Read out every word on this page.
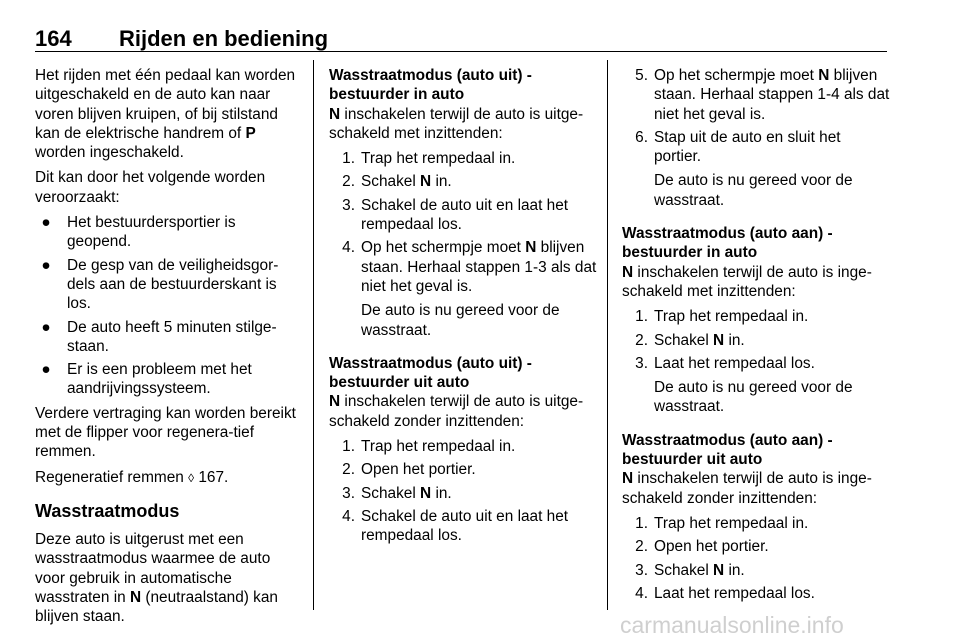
164 Rijden en bediening

Het rijden met één pedaal kan worden uitgeschakeld en de auto kan naar voren blijven kruipen, of bij stilstand kan de elektrische handrem of P worden ingeschakeld.

Dit kan door het volgende worden veroorzaakt:

● Het bestuurdersportier is geopend.
● De gesp van de veiligheidsgor-dels aan de bestuurderskant is los.
● De auto heeft 5 minuten stilge-staan.
● Er is een probleem met het aandrijvingssysteem.

Verdere vertraging kan worden bereikt met de flipper voor regenera-tief remmen.

Regeneratief remmen ◊ 167.

Wasstraatmodus

Deze auto is uitgerust met een wasstraatmodus waarmee de auto voor gebruik in automatische wasstraten in N (neutraalstand) kan blijven staan.

Wasstraatmodus (auto uit) -
bestuurder in auto

N inschakelen terwijl de auto is uitge-schakeld met inzittenden:

1. Trap het rempedaal in.
2. Schakel N in.
3. Schakel de auto uit en laat het rempedaal los.
4. Op het schermpje moet N blijven staan. Herhaal stappen 1-3 als dat niet het geval is.

De auto is nu gereed voor de wasstraat.

Wasstraatmodus (auto uit) -
bestuurder uit auto

N inschakelen terwijl de auto is uitge-schakeld zonder inzittenden:

1. Trap het rempedaal in.
2. Open het portier.
3. Schakel N in.
4. Schakel de auto uit en laat het rempedaal los.
5. Op het schermpje moet N blijven staan. Herhaal stappen 1-4 als dat niet het geval is.
6. Stap uit de auto en sluit het portier.

De auto is nu gereed voor de wasstraat.

Wasstraatmodus (auto aan) -
bestuurder in auto

N inschakelen terwijl de auto is inge-schakeld met inzittenden:

1. Trap het rempedaal in.
2. Schakel N in.
3. Laat het rempedaal los.

De auto is nu gereed voor de wasstraat.

Wasstraatmodus (auto aan) -
bestuurder uit auto

N inschakelen terwijl de auto is inge-schakeld zonder inzittenden:

1. Trap het rempedaal in.
2. Open het portier.
3. Schakel N in.
4. Laat het rempedaal los.
carmanualsonline.info
